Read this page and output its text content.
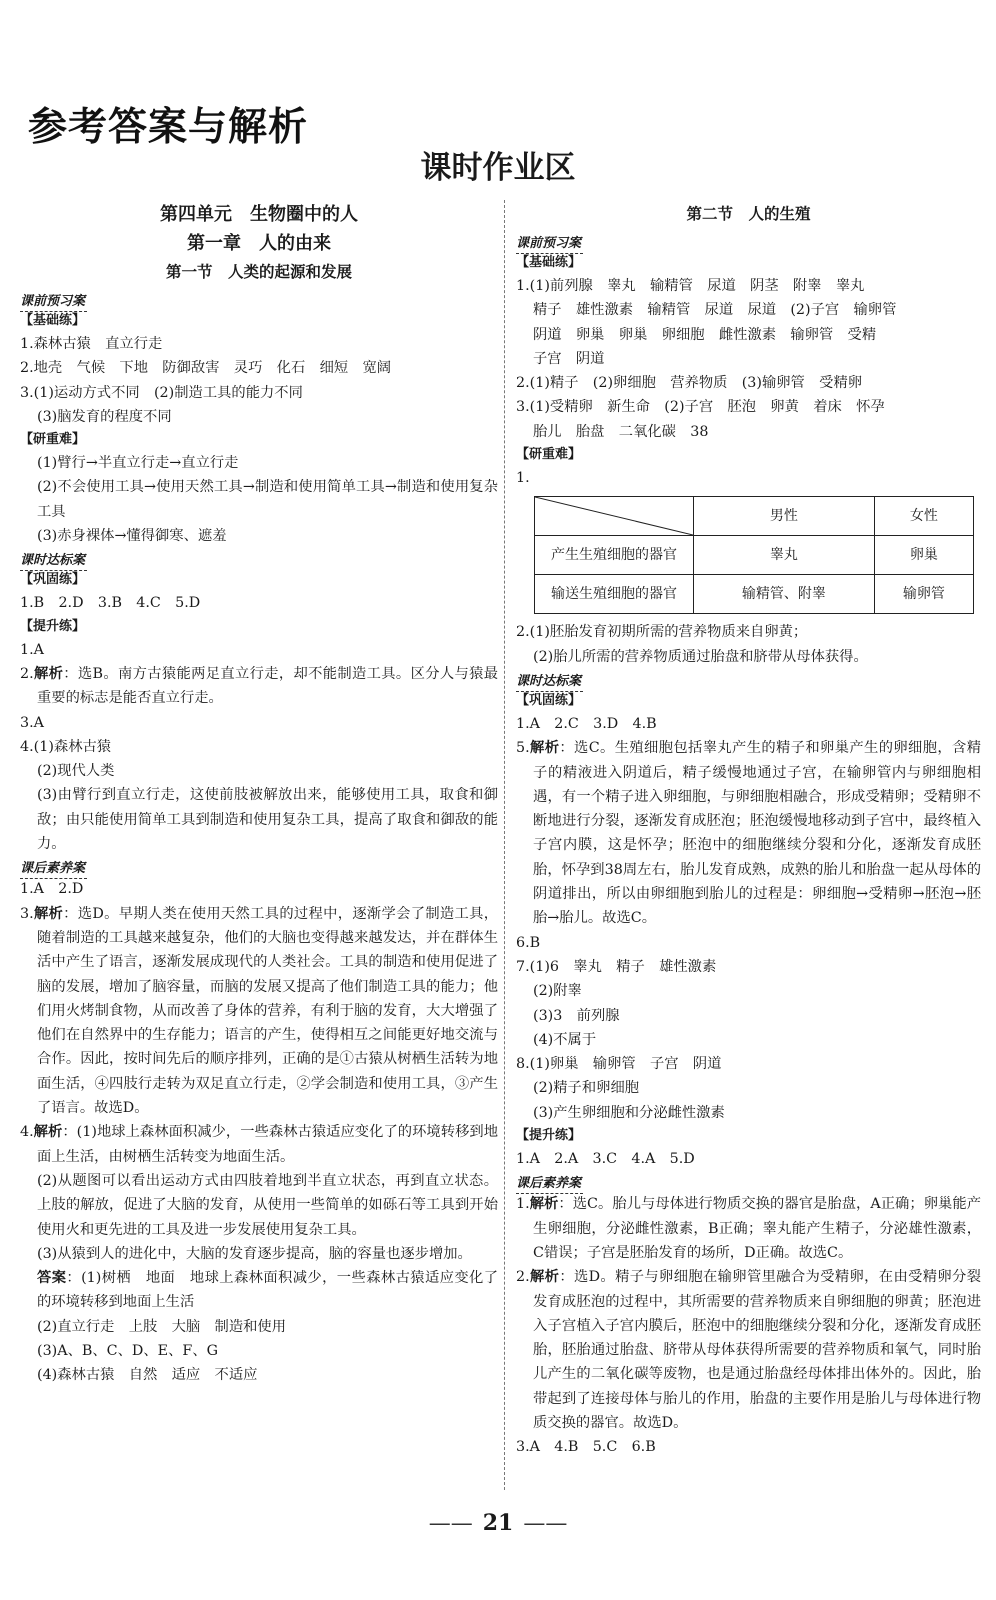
参考答案与解析
课时作业区
第四单元　生物圈中的人
第一章　人的由来
第一节　人类的起源和发展
课前预习案
【基础练】

1.森林古猿　直立行走

2.地壳　气候　下地　防御敌害　灵巧　化石　细短　宽阔

3.(1)运动方式不同　(2)制造工具的能力不同

(3)脑发育的程度不同

【研重难】

(1)臂行→半直立行走→直立行走

(2)不会使用工具→使用天然工具→制造和使用简单工具→制造和使用复杂工具

(3)赤身裸体→懂得御寒、遮羞

课时达标案
【巩固练】

1.B　2.D　3.B　4.C　5.D

【提升练】

1.A

2.解析：选B。南方古猿能两足直立行走，却不能制造工具。区分人与猿最重要的标志是能否直立行走。

3.A

4.(1)森林古猿

(2)现代人类

(3)由臂行到直立行走，这使前肢被解放出来，能够使用工具，取食和御敌；由只能使用简单工具到制造和使用复杂工具，提高了取食和御敌的能力。

课后素养案

1.A　2.D

3.解析：选D。早期人类在使用天然工具的过程中，逐渐学会了制造工具，随着制造的工具越来越复杂，他们的大脑也变得越来越发达，并在群体生活中产生了语言，逐渐发展成现代的人类社会。工具的制造和使用促进了脑的发展，增加了脑容量，而脑的发展又提高了他们制造工具的能力；他们用火烤制食物，从而改善了身体的营养，有利于脑的发育，大大增强了他们在自然界中的生存能力；语言的产生，使得相互之间能更好地交流与合作。因此，按时间先后的顺序排列，正确的是①古猿从树栖生活转为地面生活，④四肢行走转为双足直立行走，②学会制造和使用工具，③产生了语言。故选D。

4.解析：(1)地球上森林面积减少，一些森林古猿适应变化了的环境转移到地面上生活，由树栖生活转变为地面生活。

(2)从题图可以看出运动方式由四肢着地到半直立状态，再到直立状态。上肢的解放，促进了大脑的发育，从使用一些简单的如砾石等工具到开始使用火和更先进的工具及进一步发展使用复杂工具。

(3)从猿到人的进化中，大脑的发育逐步提高，脑的容量也逐步增加。

答案：(1)树栖　地面　地球上森林面积减少，一些森林古猿适应变化了的环境转移到地面上生活

(2)直立行走　上肢　大脑　制造和使用

(3)A、B、C、D、E、F、G

(4)森林古猿　自然　适应　不适应

第二节　人的生殖
课前预习案
【基础练】

1.(1)前列腺　睾丸　输精管　尿道　阴茎　附睾　睾丸

精子　雄性激素　输精管　尿道　尿道　(2)子宫　输卵管

阴道　卵巢　卵巢　卵细胞　雌性激素　输卵管　受精

子宫　阴道

2.(1)精子　(2)卵细胞　营养物质　(3)输卵管　受精卵

3.(1)受精卵　新生命　(2)子宫　胚泡　卵黄　着床　怀孕

胎儿　胎盘　二氧化碳　38

【研重难】

1.

	男性	女性
产生生殖细胞的器官	睾丸	卵巢
输送生殖细胞的器官	输精管、附睾	输卵管

2.(1)胚胎发育初期所需的营养物质来自卵黄；

(2)胎儿所需的营养物质通过胎盘和脐带从母体获得。

课时达标案
【巩固练】

1.A　2.C　3.D　4.B

5.解析：选C。生殖细胞包括睾丸产生的精子和卵巢产生的卵细胞，含精子的精液进入阴道后，精子缓慢地通过子宫，在输卵管内与卵细胞相遇，有一个精子进入卵细胞，与卵细胞相融合，形成受精卵；受精卵不断地进行分裂，逐渐发育成胚泡；胚泡缓慢地移动到子宫中，最终植入子宫内膜，这是怀孕；胚泡中的细胞继续分裂和分化，逐渐发育成胚胎，怀孕到38周左右，胎儿发育成熟，成熟的胎儿和胎盘一起从母体的阴道排出，所以由卵细胞到胎儿的过程是：卵细胞→受精卵→胚泡→胚胎→胎儿。故选C。

6.B

7.(1)6　睾丸　精子　雄性激素

(2)附睾

(3)3　前列腺

(4)不属于

8.(1)卵巢　输卵管　子宫　阴道

(2)精子和卵细胞

(3)产生卵细胞和分泌雌性激素

【提升练】

1.A　2.A　3.C　4.A　5.D

课后素养案

1.解析：选C。胎儿与母体进行物质交换的器官是胎盘，A正确；卵巢能产生卵细胞，分泌雌性激素，B正确；睾丸能产生精子，分泌雄性激素，C错误；子宫是胚胎发育的场所，D正确。故选C。

2.解析：选D。精子与卵细胞在输卵管里融合为受精卵，在由受精卵分裂发育成胚泡的过程中，其所需要的营养物质来自卵细胞的卵黄；胚泡进入子宫植入子宫内膜后，胚泡中的细胞继续分裂和分化，逐渐发育成胚胎，胚胎通过胎盘、脐带从母体获得所需要的营养物质和氧气，同时胎儿产生的二氧化碳等废物，也是通过胎盘经母体排出体外的。因此，胎带起到了连接母体与胎儿的作用，胎盘的主要作用是胎儿与母体进行物质交换的器官。故选D。

3.A　4.B　5.C　6.B

—— 21 ——
